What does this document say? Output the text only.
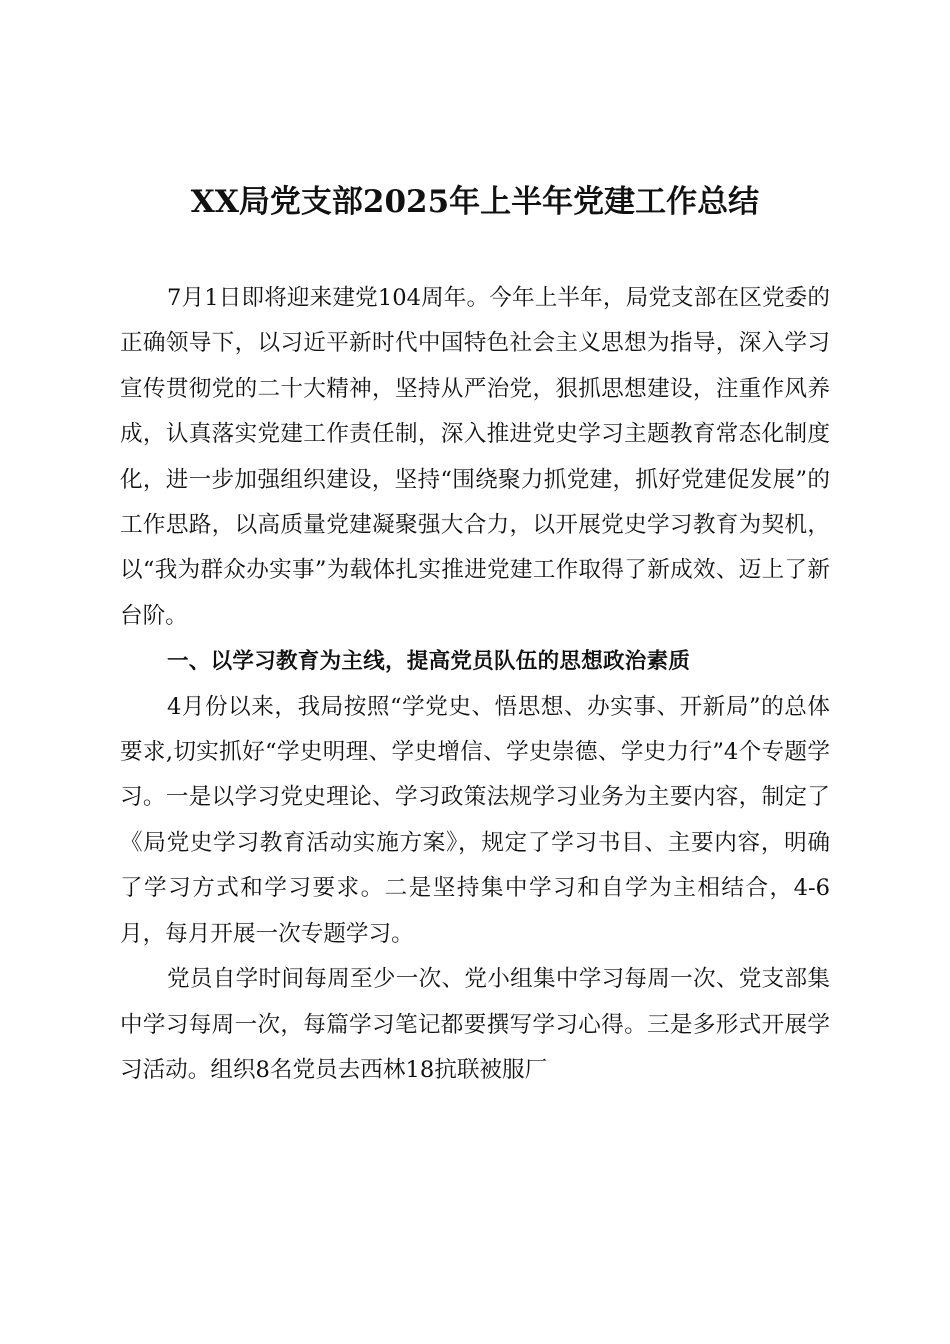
XX局党支部2025年上半年党建工作总结

7月1日即将迎来建党104周年。今年上半年，局党支部在区党委的正确领导下，以习近平新时代中国特色社会主义思想为指导，深入学习宣传贯彻党的二十大精神，坚持从严治党，狠抓思想建设，注重作风养成，认真落实党建工作责任制，深入推进党史学习主题教育常态化制度化，进一步加强组织建设，坚持“围绕聚力抓党建，抓好党建促发展”的工作思路，以高质量党建凝聚强大合力，以开展党史学习教育为契机，以“我为群众办实事”为载体扎实推进党建工作取得了新成效、迈上了新台阶。

一、以学习教育为主线，提高党员队伍的思想政治素质

4月份以来，我局按照“学党史、悟思想、办实事、开新局”的总体要求,切实抓好“学史明理、学史增信、学史崇德、学史力行”4个专题学习。一是以学习党史理论、学习政策法规学习业务为主要内容，制定了《局党史学习教育活动实施方案》，规定了学习书目、主要内容，明确了学习方式和学习要求。二是坚持集中学习和自学为主相结合，4-6月，每月开展一次专题学习。

党员自学时间每周至少一次、党小组集中学习每周一次、党支部集中学习每周一次，每篇学习笔记都要撰写学习心得。三是多形式开展学习活动。组织8名党员去西林18抗联被服厂
